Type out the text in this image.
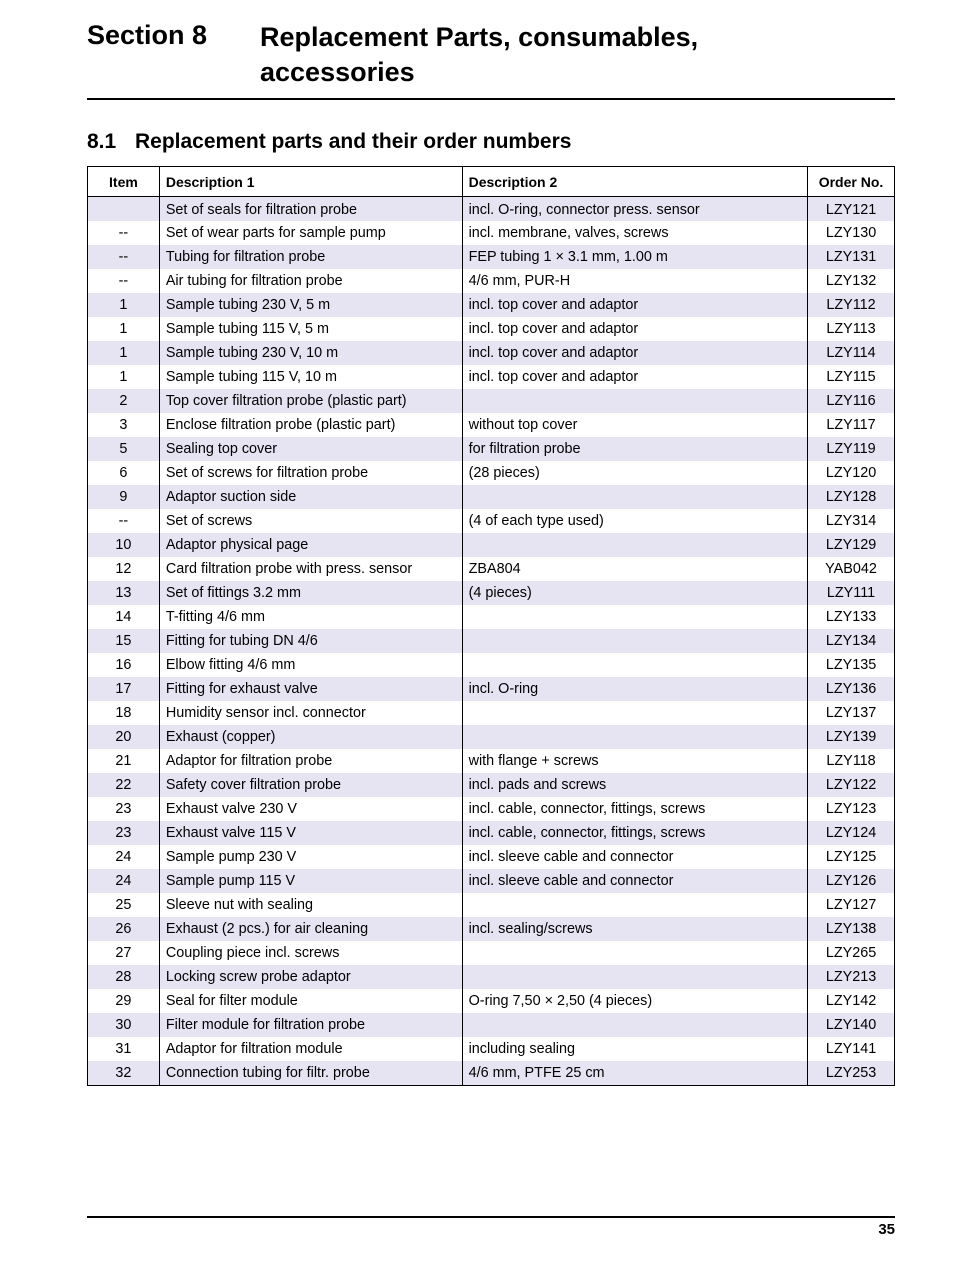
Section 8 Replacement Parts, consumables, accessories
8.1 Replacement parts and their order numbers
Item	Description 1	Description 2	Order No.
	Set of seals for filtration probe	incl. O-ring, connector press. sensor	LZY121
--	Set of wear parts for sample pump	incl. membrane, valves, screws	LZY130
--	Tubing for filtration probe	FEP tubing 1 × 3.1 mm, 1.00 m	LZY131
--	Air tubing for filtration probe	4/6 mm, PUR-H	LZY132
1	Sample tubing 230 V, 5 m	incl. top cover and adaptor	LZY112
1	Sample tubing 115 V, 5 m	incl. top cover and adaptor	LZY113
1	Sample tubing 230 V, 10 m	incl. top cover and adaptor	LZY114
1	Sample tubing 115 V, 10 m	incl. top cover and adaptor	LZY115
2	Top cover filtration probe (plastic part)		LZY116
3	Enclose filtration probe (plastic part)	without top cover	LZY117
5	Sealing top cover	for filtration probe	LZY119
6	Set of screws for filtration probe	(28 pieces)	LZY120
9	Adaptor suction side		LZY128
--	Set of screws	(4 of each type used)	LZY314
10	Adaptor physical page		LZY129
12	Card filtration probe with press. sensor	ZBA804	YAB042
13	Set of fittings 3.2 mm	(4 pieces)	LZY111
14	T-fitting 4/6 mm		LZY133
15	Fitting for tubing DN 4/6		LZY134
16	Elbow fitting 4/6 mm		LZY135
17	Fitting for exhaust valve	incl. O-ring	LZY136
18	Humidity sensor incl. connector		LZY137
20	Exhaust (copper)		LZY139
21	Adaptor for filtration probe	with flange + screws	LZY118
22	Safety cover filtration probe	incl. pads and screws	LZY122
23	Exhaust valve 230 V	incl. cable, connector, fittings, screws	LZY123
23	Exhaust valve 115 V	incl. cable, connector, fittings, screws	LZY124
24	Sample pump 230 V	incl. sleeve cable and connector	LZY125
24	Sample pump 115 V	incl. sleeve cable and connector	LZY126
25	Sleeve nut with sealing		LZY127
26	Exhaust (2 pcs.) for air cleaning	incl. sealing/screws	LZY138
27	Coupling piece incl. screws		LZY265
28	Locking screw probe adaptor		LZY213
29	Seal for filter module	O-ring 7,50 × 2,50 (4 pieces)	LZY142
30	Filter module for filtration probe		LZY140
31	Adaptor for filtration module	including sealing	LZY141
32	Connection tubing for filtr. probe	4/6 mm, PTFE 25 cm	LZY253
35
